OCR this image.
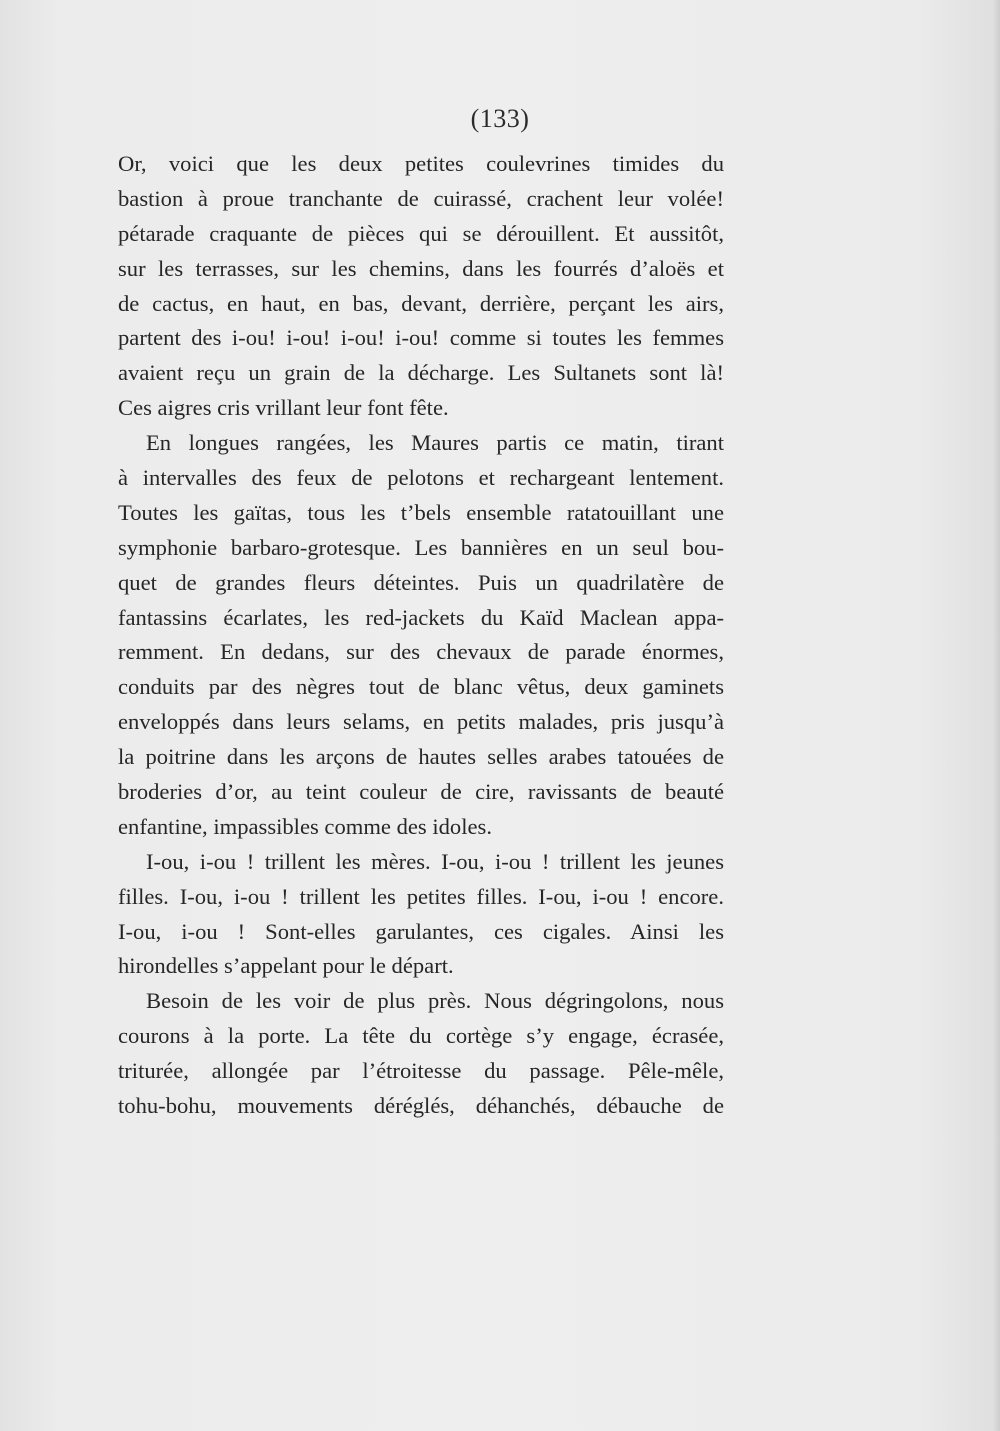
(133)
Or, voici que les deux petites coulevrines timides du
bastion à proue tranchante de cuirassé, crachent leur volée!
pétarade craquante de pièces qui se dérouillent. Et aussitôt,
sur les terrasses, sur les chemins, dans les fourrés d’aloës et
de cactus, en haut, en bas, devant, derrière, perçant les airs,
partent des i-ou! i-ou! i-ou! i-ou! comme si toutes les femmes
avaient reçu un grain de la décharge. Les Sultanets sont là!
Ces aigres cris vrillant leur font fête.
En longues rangées, les Maures partis ce matin, tirant
à intervalles des feux de pelotons et rechargeant lentement.
Toutes les gaïtas, tous les t’bels ensemble ratatouillant une
symphonie barbaro-grotesque. Les bannières en un seul bou-
quet de grandes fleurs déteintes. Puis un quadrilatère de
fantassins écarlates, les red-jackets du Kaïd Maclean appa-
remment. En dedans, sur des chevaux de parade énormes,
conduits par des nègres tout de blanc vêtus, deux gaminets
enveloppés dans leurs selams, en petits malades, pris jusqu’à
la poitrine dans les arçons de hautes selles arabes tatouées de
broderies d’or, au teint couleur de cire, ravissants de beauté
enfantine, impassibles comme des idoles.
I-ou, i-ou ! trillent les mères. I-ou, i-ou ! trillent les jeunes
filles. I-ou, i-ou ! trillent les petites filles. I-ou, i-ou ! encore.
I-ou, i-ou ! Sont-elles garulantes, ces cigales. Ainsi les
hirondelles s’appelant pour le départ.
Besoin de les voir de plus près. Nous dégringolons, nous
courons à la porte. La tête du cortège s’y engage, écrasée,
triturée, allongée par l’étroitesse du passage. Pêle-mêle,
tohu-bohu, mouvements déréglés, déhanchés, débauche de
